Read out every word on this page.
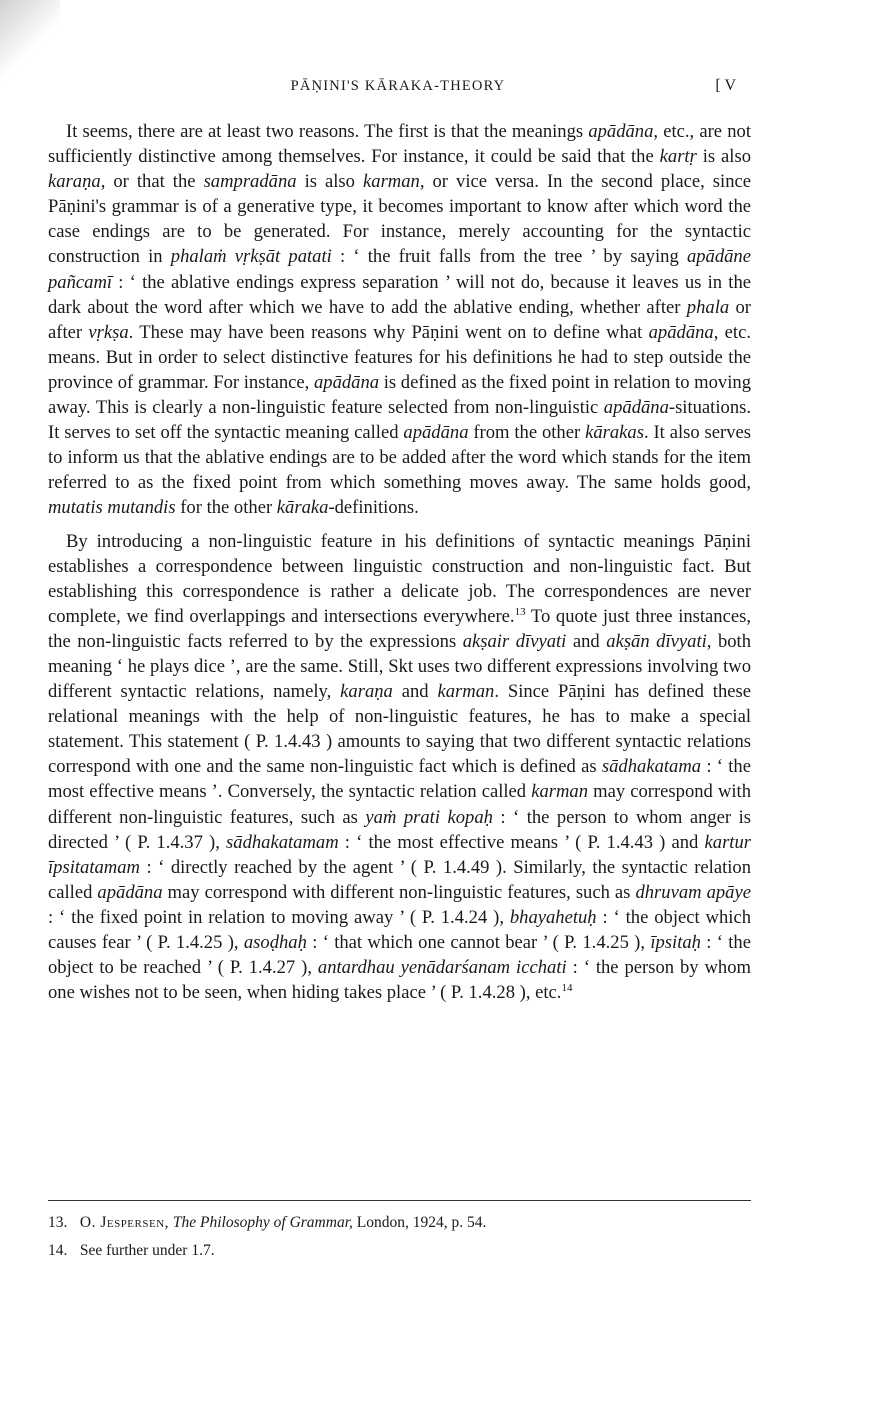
PĀṆINI'S KĀRAKA-THEORY	[ V

It seems, there are at least two reasons. The first is that the meanings apādāna, etc., are not sufficiently distinctive among themselves. For instance, it could be said that the kartṛ is also karaṇa, or that the sampradāna is also karman, or vice versa. In the second place, since Pāṇini's grammar is of a generative type, it becomes important to know after which word the case endings are to be generated. For instance, merely accounting for the syntactic construction in phalaṁ vṛkṣāt patati : ‘ the fruit falls from the tree ’ by saying apādāne pañcamī : ‘ the ablative endings express separation ’ will not do, because it leaves us in the dark about the word after which we have to add the ablative ending, whether after phala or after vṛkṣa. These may have been reasons why Pāṇini went on to define what apādāna, etc. means. But in order to select distinctive features for his definitions he had to step outside the province of grammar. For instance, apādāna is defined as the fixed point in relation to moving away. This is clearly a non-linguistic feature selected from non-linguistic apādāna-situations. It serves to set off the syntactic meaning called apādāna from the other kārakas. It also serves to inform us that the ablative endings are to be added after the word which stands for the item referred to as the fixed point from which something moves away. The same holds good, mutatis mutandis for the other kāraka-definitions.

By introducing a non-linguistic feature in his definitions of syntactic meanings Pāṇini establishes a correspondence between linguistic construction and non-linguistic fact. But establishing this correspondence is rather a delicate job. The correspondences are never complete, we find overlappings and intersections everywhere.$^{13}$ To quote just three instances, the non-linguistic facts referred to by the expressions akṣair dīvyati and akṣān dīvyati, both meaning ‘ he plays dice ’, are the same. Still, Skt uses two different expressions involving two different syntactic relations, namely, karaṇa and karman. Since Pāṇini has defined these relational meanings with the help of non-linguistic features, he has to make a special statement. This statement ( P. 1.4.43 ) amounts to saying that two different syntactic relations correspond with one and the same non-linguistic fact which is defined as sādhakatama : ‘ the most effective means ’. Conversely, the syntactic relation called karman may correspond with different non-linguistic features, such as yaṁ prati kopaḥ : ‘ the person to whom anger is directed ’ ( P. 1.4.37 ), sādhakatamam : ‘ the most effective means ’ ( P. 1.4.43 ) and kartur īpsitatamam : ‘ directly reached by the agent ’ ( P. 1.4.49 ). Similarly, the syntactic relation called apādāna may correspond with different non-linguistic features, such as dhruvam apāye : ‘ the fixed point in relation to moving away ’ ( P. 1.4.24 ), bhayahetuḥ : ‘ the object which causes fear ’ ( P. 1.4.25 ), asoḍhaḥ : ‘ that which one cannot bear ’ ( P. 1.4.25 ), īpsitaḥ : ‘ the object to be reached ’ ( P. 1.4.27 ), antardhau yenādarśanam icchati : ‘ the person by whom one wishes not to be seen, when hiding takes place ’ ( P. 1.4.28 ), etc.$^{14}$

13. O. Jespersen, The Philosophy of Grammar, London, 1924, p. 54.

14. See further under 1.7.
